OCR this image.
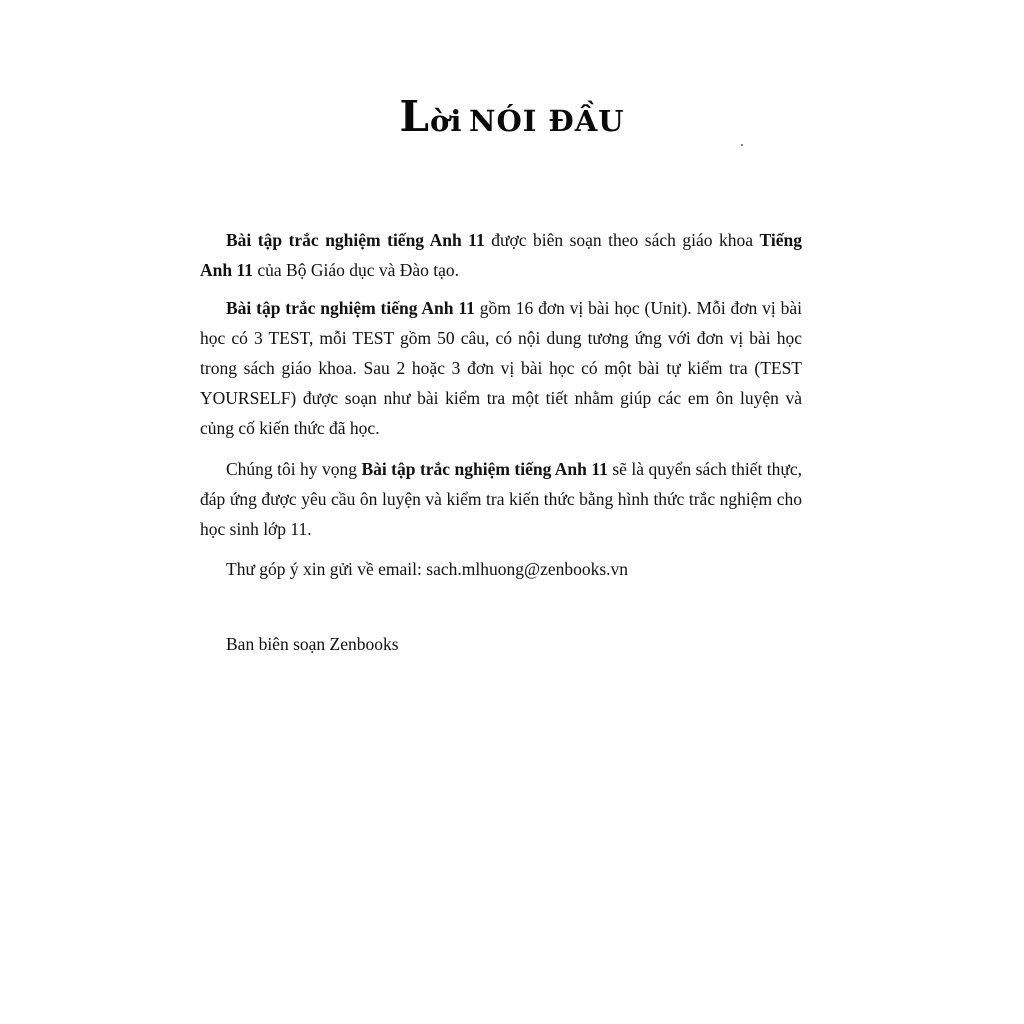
Lời NÓI ĐẦU

Bài tập trắc nghiệm tiếng Anh 11 được biên soạn theo sách giáo khoa Tiếng Anh 11 của Bộ Giáo dục và Đào tạo.

Bài tập trắc nghiệm tiếng Anh 11 gồm 16 đơn vị bài học (Unit). Mỗi đơn vị bài học có 3 TEST, mỗi TEST gồm 50 câu, có nội dung tương ứng với đơn vị bài học trong sách giáo khoa. Sau 2 hoặc 3 đơn vị bài học có một bài tự kiểm tra (TEST YOURSELF) được soạn như bài kiểm tra một tiết nhằm giúp các em ôn luyện và củng cố kiến thức đã học.

Chúng tôi hy vọng Bài tập trắc nghiệm tiếng Anh 11 sẽ là quyển sách thiết thực, đáp ứng được yêu cầu ôn luyện và kiểm tra kiến thức bằng hình thức trắc nghiệm cho học sinh lớp 11.

Thư góp ý xin gửi về email: sach.mlhuong@zenbooks.vn

Ban biên soạn Zenbooks
